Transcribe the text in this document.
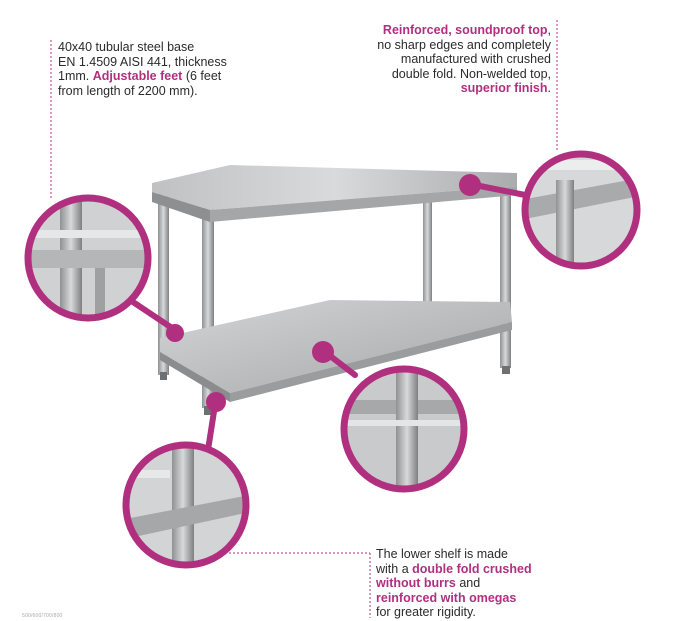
40x40 tubular steel base
EN 1.4509 AISI 441, thickness
1mm. Adjustable feet (6 feet
from length of 2200 mm).
Reinforced, soundproof top,
no sharp edges and completely
manufactured with crushed
double fold. Non-welded top,
superior finish.
The lower shelf is made
with a double fold crushed
without burrs and
reinforced with omegas
for greater rigidity.
500/600/700/800
